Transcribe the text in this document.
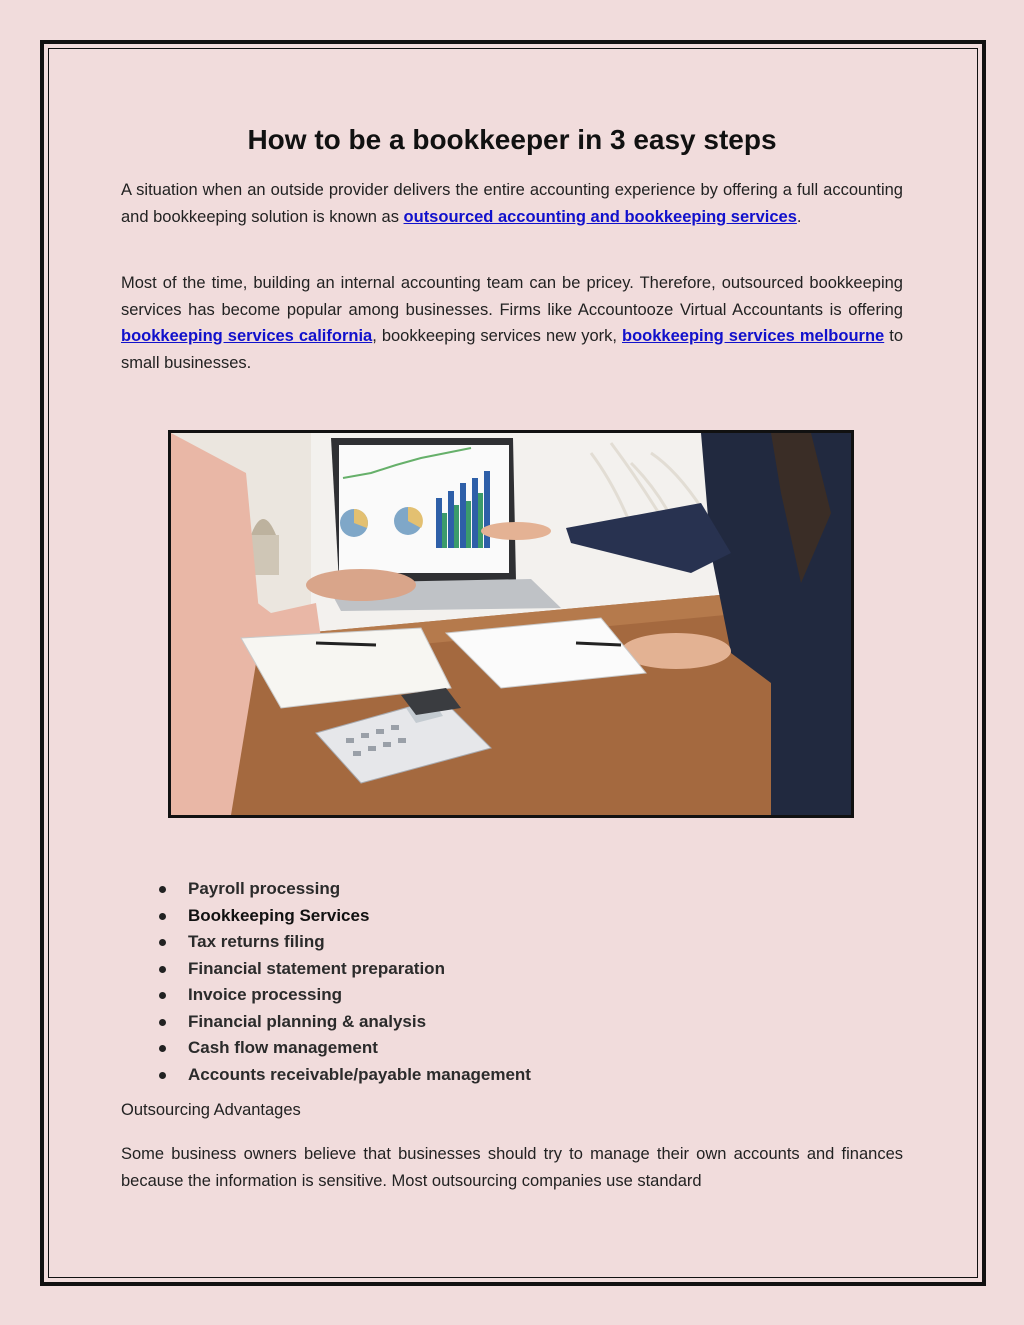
How to be a bookkeeper in 3 easy steps

A situation when an outside provider delivers the entire accounting experience by offering a full accounting and bookkeeping solution is known as outsourced accounting and bookkeeping services.

Most of the time, building an internal accounting team can be pricey. Therefore, outsourced bookkeeping services has become popular among businesses. Firms like Accountooze Virtual Accountants is offering bookkeeping services california, bookkeeping services new york, bookkeeping services melbourne to small businesses.

Payroll processing
Bookkeeping Services
Tax returns filing
Financial statement preparation
Invoice processing
Financial planning & analysis
Cash flow management
Accounts receivable/payable management

Outsourcing Advantages

Some business owners believe that businesses should try to manage their own accounts and finances because the information is sensitive. Most outsourcing companies use standard
